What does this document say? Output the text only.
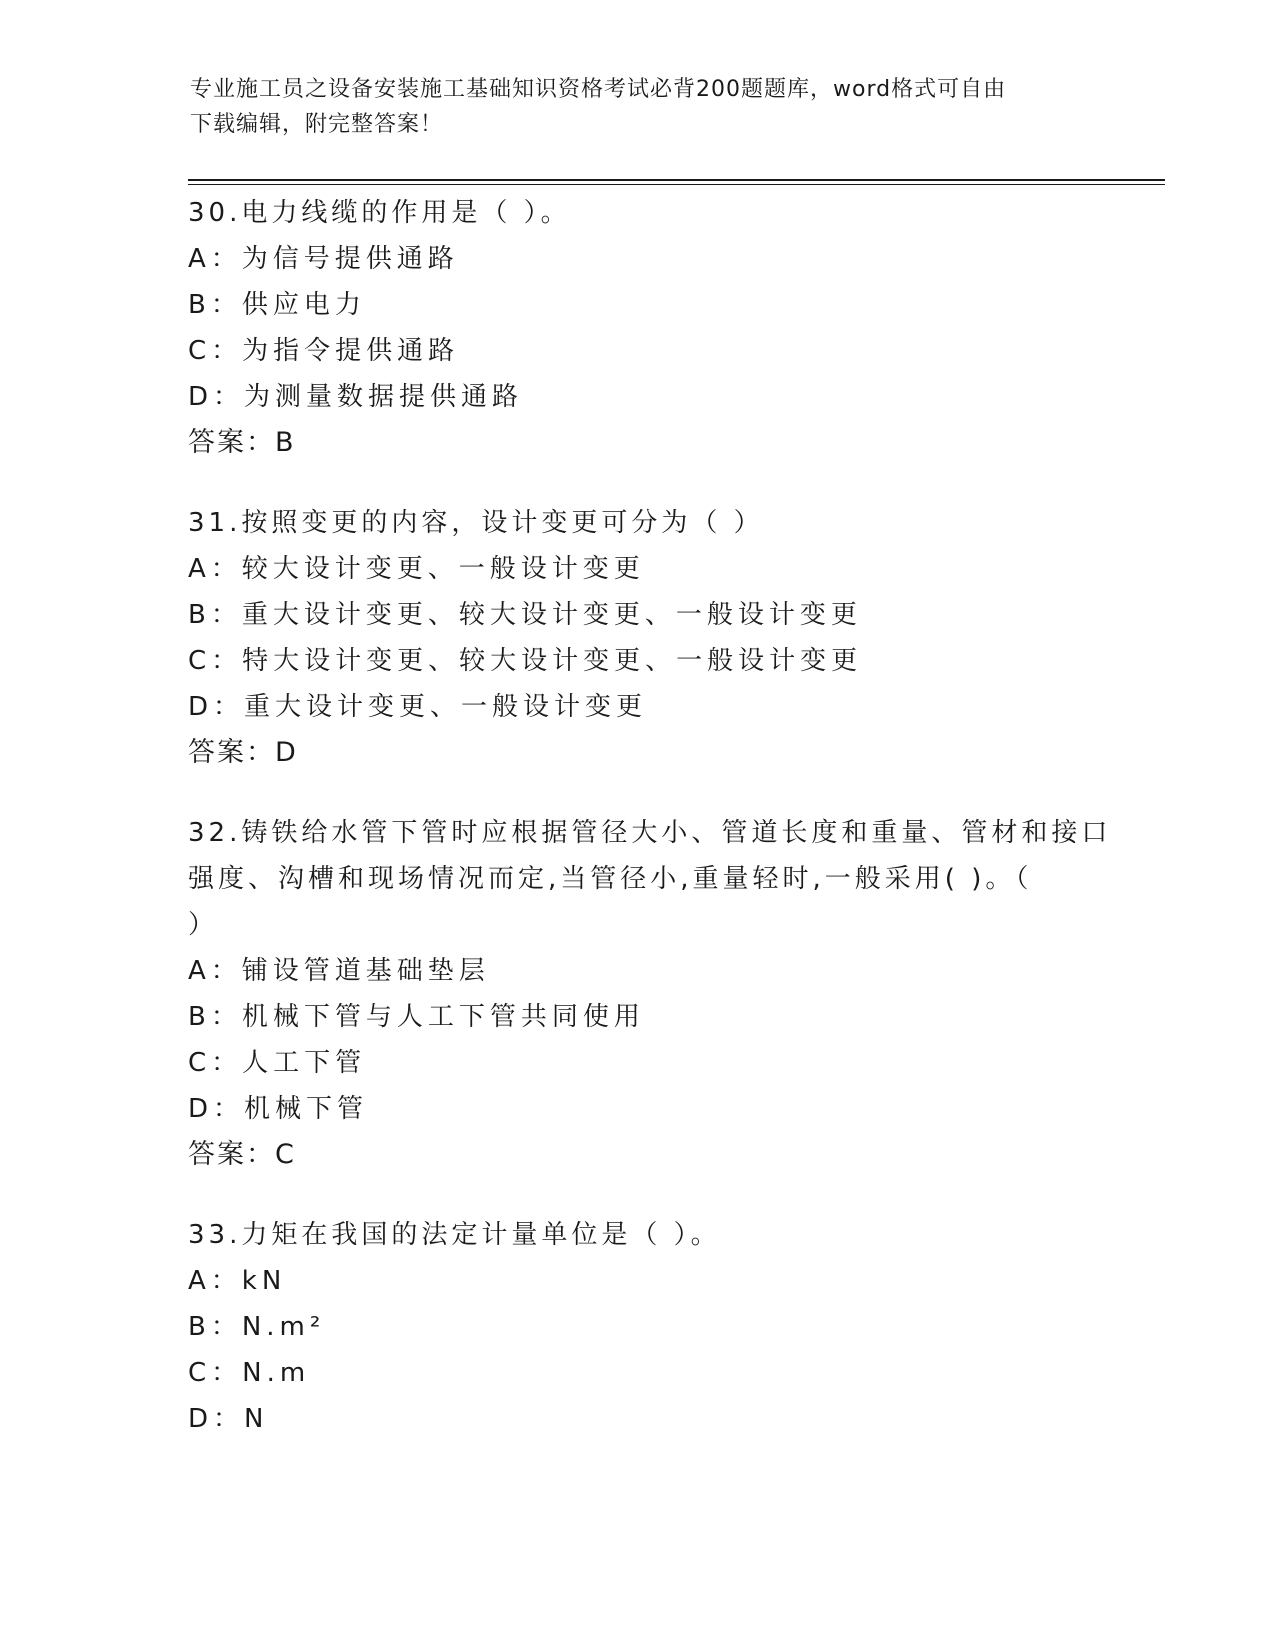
专业施工员之设备安装施工基础知识资格考试必背200题题库，word格式可自由
下载编辑，附完整答案！
30.电力线缆的作用是（ ）。
A：为信号提供通路
B：供应电力
C：为指令提供通路
D：为测量数据提供通路
答案：B
31.按照变更的内容，设计变更可分为（ ）
A：较大设计变更、一般设计变更
B：重大设计变更、较大设计变更、一般设计变更
C：特大设计变更、较大设计变更、一般设计变更
D：重大设计变更、一般设计变更
答案：D
32.铸铁给水管下管时应根据管径大小、管道长度和重量、管材和接口
强度、沟槽和现场情况而定,当管径小,重量轻时,一般采用( )。（
）
A：铺设管道基础垫层
B：机械下管与人工下管共同使用
C：人工下管
D：机械下管
答案：C
33.力矩在我国的法定计量单位是（ ）。
A：kN
B：N.m²
C：N.m
D：N
